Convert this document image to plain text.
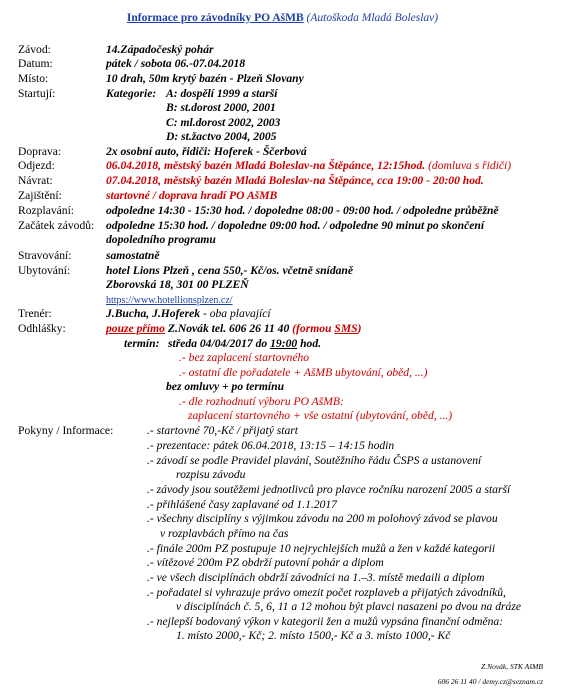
Informace pro závodníky PO AšMB (Autoškoda Mladá Boleslav)
Závod:	14.Západočeský pohár
Datum:	pátek / sobota 06.-07.04.2018
Místo:	10 drah, 50m krytý bazén - Plzeň Slovany
Startují:	Kategorie: A: dospělí 1999 a starší
B: st.dorost 2000, 2001
C: ml.dorost 2002, 2003
D: st.žactvo 2004, 2005
Doprava:	2x osobní auto, řidiči: Hoferek - Ščerbová
Odjezd:	06.04.2018, městský bazén Mladá Boleslav-na Štěpánce, 12:15hod. (domluva s řidiči)
Návrat:	07.04.2018, městský bazén Mladá Boleslav-na Štěpánce, cca 19:00 - 20:00 hod.
Zajištění:	startovné / doprava hradí PO AšMB
Rozplavání:	odpoledne 14:30 - 15:30 hod. / dopoledne 08:00 - 09:00 hod. / odpoledne průběžně
Začátek závodů: odpoledne 15:30 hod. / dopoledne 09:00 hod. / odpoledne 90 minut po skončení
dopoledního programu
Stravování:	samostatně
Ubytování:	hotel Lions Plzeň , cena 550,- Kč/os. včetně snídaně
Zborovská 18, 301 00 PLZEŇ
https://www.hotellionsplzen.cz/
Trenér:	J.Bucha, J.Hoferek - oba plavající
Odhlášky:	pouze přímo Z.Novák tel. 606 26 11 40 (formou SMS)
termín: středa 04/04/2017 do 19:00 hod.
.- bez zaplacení startovného
.- ostatní dle pořadatele + AšMB ubytování, oběd, ...)
bez omluvy + po termínu
.- dle rozhodnutí výboru PO AšMB:
zaplacení startovného + vše ostatní (ubytování, oběd, ...)
Pokyny / Informace:	.- startovné 70,-Kč / přijatý start
.- prezentace: pátek 06.04.2018, 13:15 – 14:15 hodin
.- závodí se podle Pravidel plavání, Soutěžního řádu ČSPS a ustanovení
rozpisu závodu
.- závody jsou soutěžemi jednotlivců pro plavce ročníku narození 2005 a starší
.- přihlášené časy zaplavané od 1.1.2017
.- všechny disciplíny s výjimkou závodu na 200 m polohový závod se plavou
v rozplavbách přímo na čas
.- finále 200m PZ postupuje 10 nejrychlejších mužů a žen v každé kategorii
.- vítězové 200m PZ obdrží putovní pohár a diplom
.- ve všech disciplínách obdrží závodníci na 1.–3. místě medaili a diplom
.- pořadatel si vyhrazuje právo omezit počet rozplaveb a přijatých závodníků,
v disciplínách č. 5, 6, 11 a 12 mohou být plavci nasazeni po dvou na dráze
.- nejlepší bodovaný výkon v kategorii žen a mužů vypsána finanční odměna:
1. místo 2000,- Kč; 2. místo 1500,- Kč a 3. místo 1000,- Kč
Z.Novák, STK AšMB
606 26 11 40 / demy.cz@seznam.cz
